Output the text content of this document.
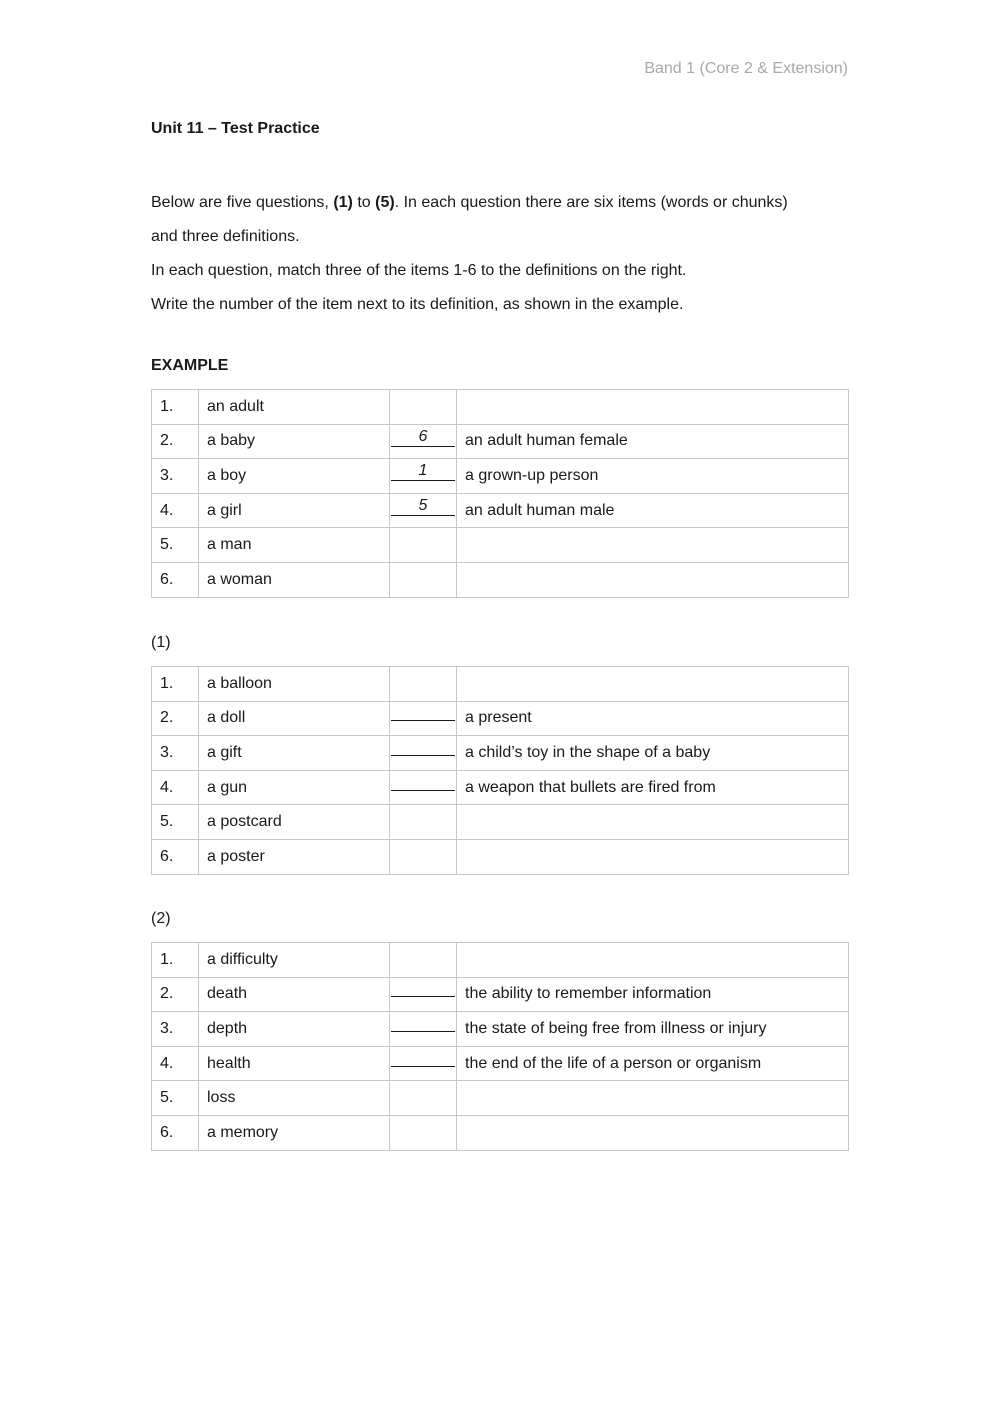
Band 1 (Core 2 & Extension)
Unit 11 – Test Practice

Below are five questions, (1) to (5). In each question there are six items (words or chunks)

and three definitions.

In each question, match three of the items 1-6 to the definitions on the right.

Write the number of the item next to its definition, as shown in the example.

EXAMPLE
1.	an adult		
2.	a baby	6	an adult human female
3.	a boy	1	a grown-up person
4.	a girl	5	an adult human male
5.	a man		
6.	a woman		
(1)
1.	a balloon		
2.	a doll		a present
3.	a gift		a child’s toy in the shape of a baby
4.	a gun		a weapon that bullets are fired from
5.	a postcard		
6.	a poster		
(2)
1.	a difficulty		
2.	death		the ability to remember information
3.	depth		the state of being free from illness or injury
4.	health		the end of the life of a person or organism
5.	loss		
6.	a memory		
